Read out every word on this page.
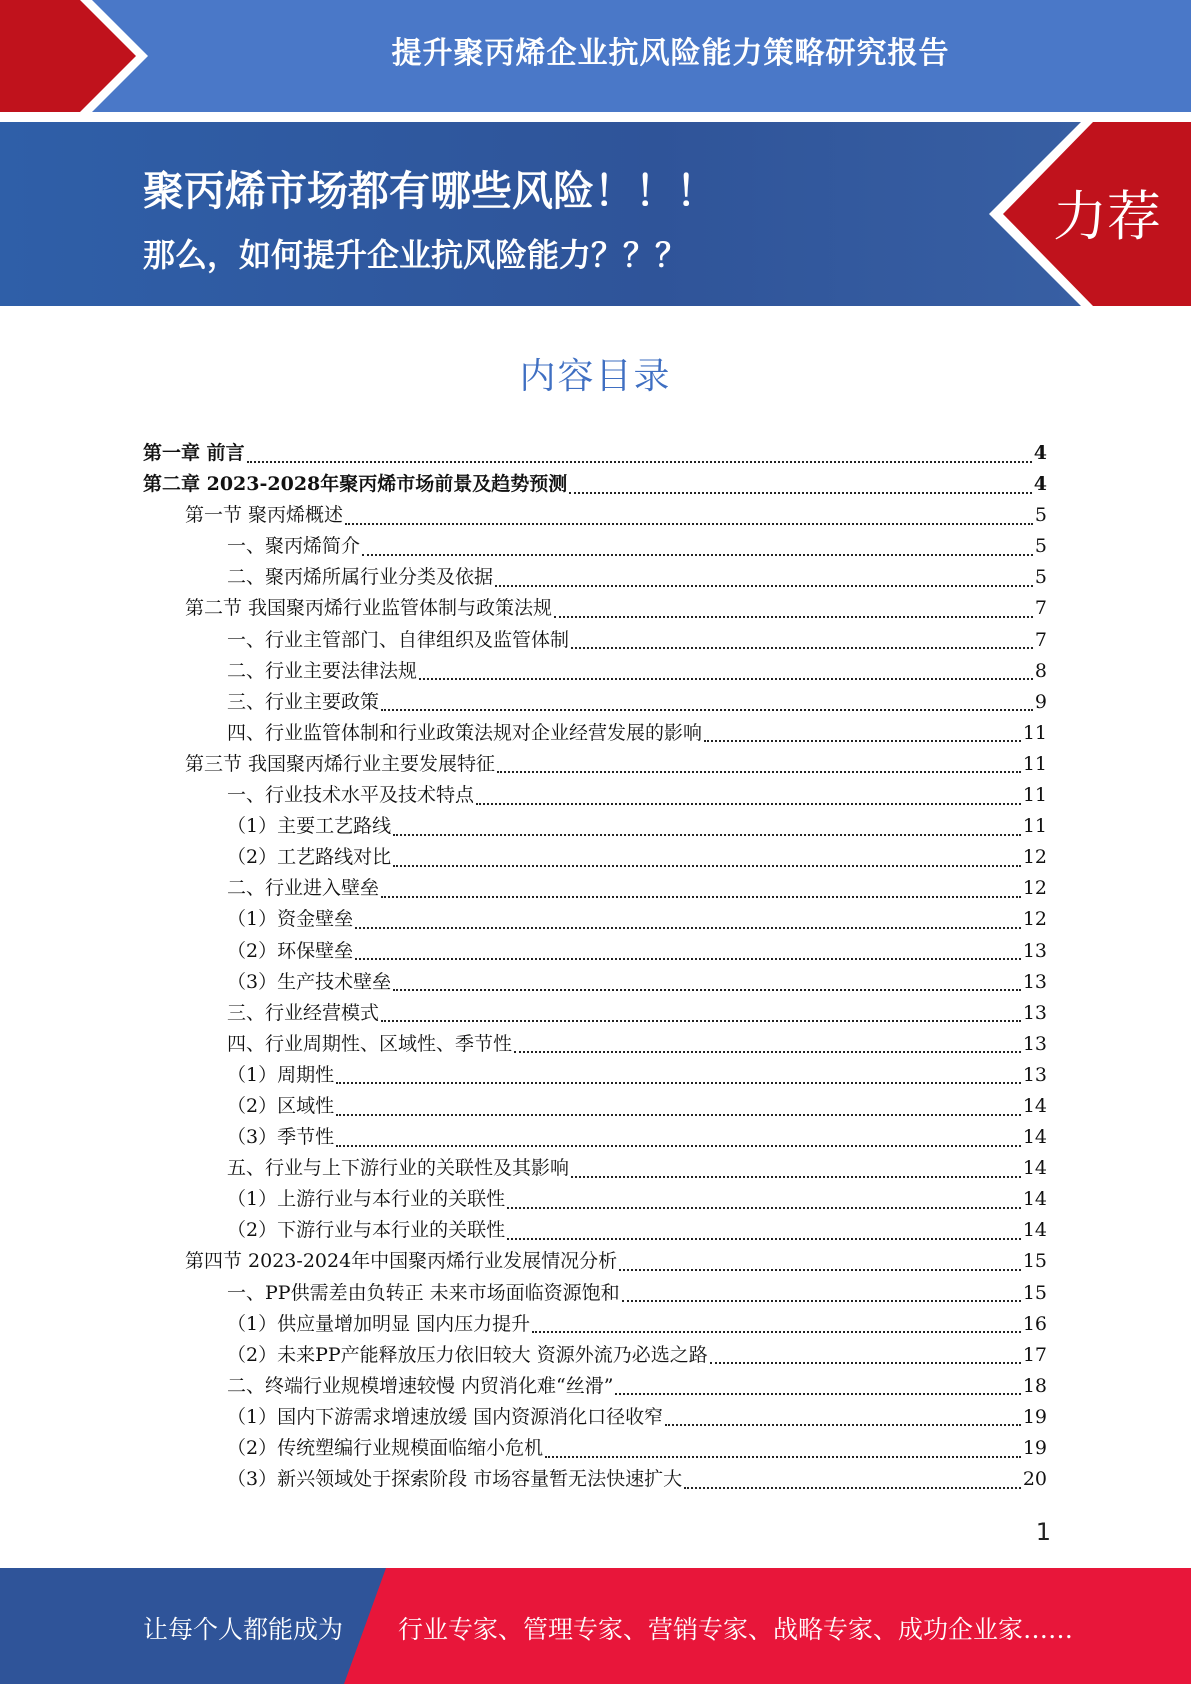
提升聚丙烯企业抗风险能力策略研究报告
聚丙烯市场都有哪些风险！！！
那么，如何提升企业抗风险能力？？？
力荐
内容目录
第一章 前言	4
第二章 2023-2028年聚丙烯市场前景及趋势预测	4
第一节 聚丙烯概述	5
一、聚丙烯简介	5
二、聚丙烯所属行业分类及依据	5
第二节 我国聚丙烯行业监管体制与政策法规	7
一、行业主管部门、自律组织及监管体制	7
二、行业主要法律法规	8
三、行业主要政策	9
四、行业监管体制和行业政策法规对企业经营发展的影响	11
第三节 我国聚丙烯行业主要发展特征	11
一、行业技术水平及技术特点	11
（1）主要工艺路线	11
（2）工艺路线对比	12
二、行业进入壁垒	12
（1）资金壁垒	12
（2）环保壁垒	13
（3）生产技术壁垒	13
三、行业经营模式	13
四、行业周期性、区域性、季节性	13
（1）周期性	13
（2）区域性	14
（3）季节性	14
五、行业与上下游行业的关联性及其影响	14
（1）上游行业与本行业的关联性	14
（2）下游行业与本行业的关联性	14
第四节 2023-2024年中国聚丙烯行业发展情况分析	15
一、PP供需差由负转正 未来市场面临资源饱和	15
（1）供应量增加明显 国内压力提升	16
（2）未来PP产能释放压力依旧较大 资源外流乃必选之路	17
二、终端行业规模增速较慢 内贸消化难“丝滑”	18
（1）国内下游需求增速放缓 国内资源消化口径收窄	19
（2）传统塑编行业规模面临缩小危机	19
（3）新兴领域处于探索阶段 市场容量暂无法快速扩大	20
1
让每个人都能成为 行业专家、管理专家、营销专家、战略专家、成功企业家……
